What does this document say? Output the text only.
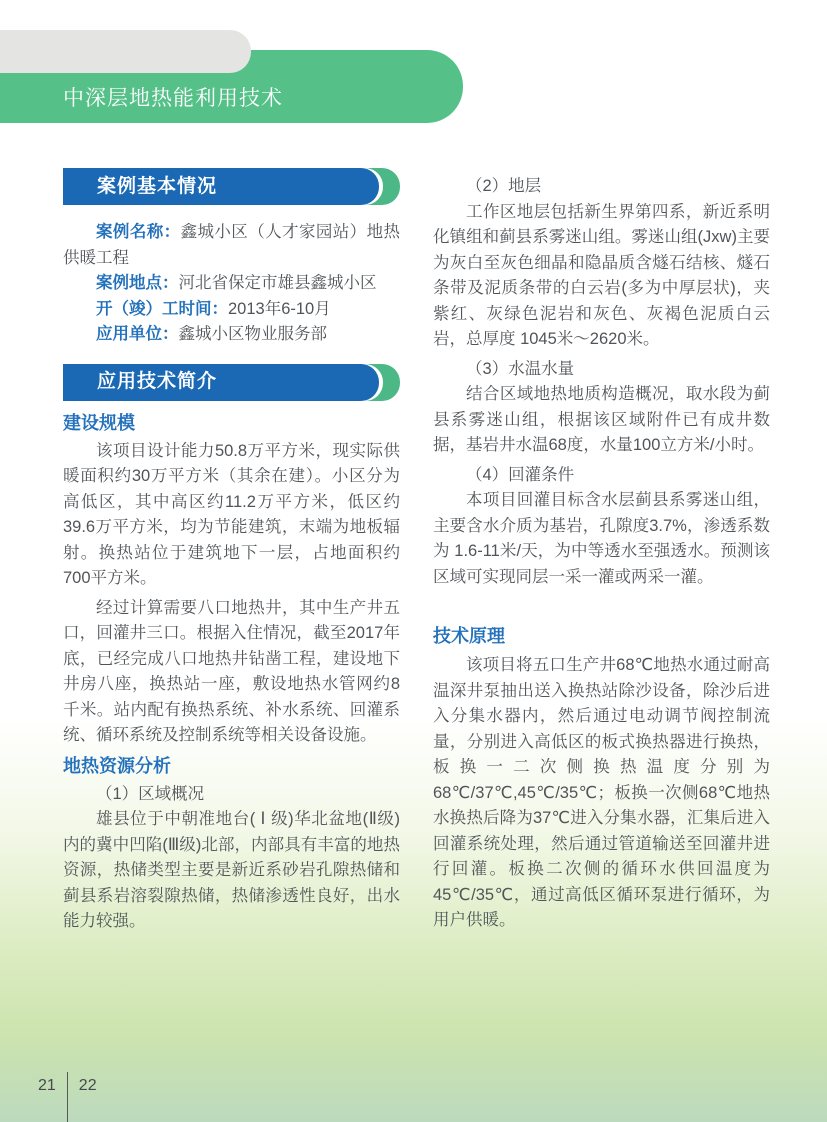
中深层地热能利用技术
案例基本情况

案例名称：鑫城小区（人才家园站）地热供暖工程

案例地点：河北省保定市雄县鑫城小区

开（竣）工时间：2013年6-10月

应用单位：鑫城小区物业服务部

应用技术简介
建设规模

该项目设计能力50.8万平方米，现实际供暖面积约30万平方米（其余在建）。小区分为高低区，其中高区约11.2万平方米，低区约39.6万平方米，均为节能建筑，末端为地板辐射。换热站位于建筑地下一层，占地面积约700平方米。

经过计算需要八口地热井，其中生产井五口，回灌井三口。根据入住情况，截至2017年底，已经完成八口地热井钻凿工程，建设地下井房八座，换热站一座，敷设地热水管网约8千米。站内配有换热系统、补水系统、回灌系统、循环系统及控制系统等相关设备设施。

地热资源分析

（1）区域概况

雄县位于中朝准地台( Ⅰ 级)华北盆地(Ⅱ级)内的冀中凹陷(Ⅲ级)北部，内部具有丰富的地热资源，热储类型主要是新近系砂岩孔隙热储和蓟县系岩溶裂隙热储，热储渗透性良好，出水能力较强。

（2）地层

工作区地层包括新生界第四系，新近系明化镇组和蓟县系雾迷山组。雾迷山组(Jxw)主要为灰白至灰色细晶和隐晶质含燧石结核、燧石条带及泥质条带的白云岩(多为中厚层状)，夹紫红、灰绿色泥岩和灰色、灰褐色泥质白云岩，总厚度 1045米～2620米。

（3）水温水量

结合区域地热地质构造概况，取水段为蓟县系雾迷山组，根据该区域附件已有成井数据，基岩井水温68度，水量100立方米/小时。

（4）回灌条件

本项目回灌目标含水层蓟县系雾迷山组，主要含水介质为基岩，孔隙度3.7%，渗透系数为 1.6-11米/天，为中等透水至强透水。预测该区域可实现同层一采一灌或两采一灌。

技术原理

该项目将五口生产井68℃地热水通过耐高温深井泵抽出送入换热站除沙设备，除沙后进入分集水器内，然后通过电动调节阀控制流量，分别进入高低区的板式换热器进行换热，板换一二次侧换热温度分别为68℃/37℃,45℃/35℃；板换一次侧68℃地热水换热后降为37℃进入分集水器，汇集后进入回灌系统处理，然后通过管道输送至回灌井进行回灌。板换二次侧的循环水供回温度为45℃/35℃，通过高低区循环泵进行循环，为用户供暖。

21 22
